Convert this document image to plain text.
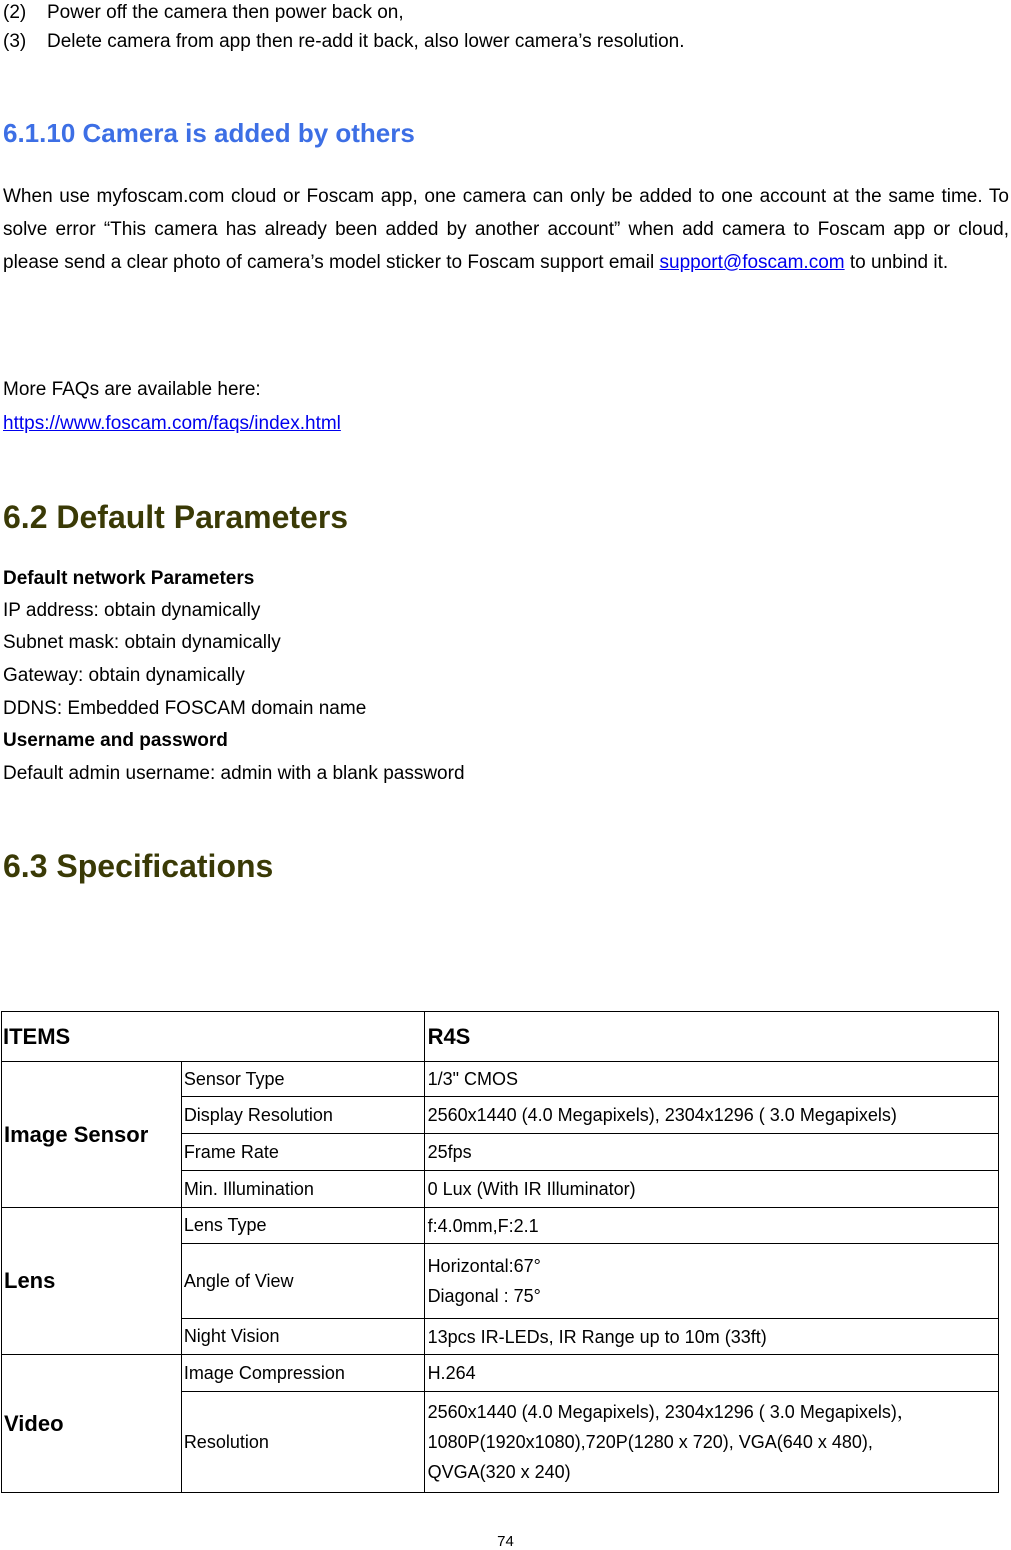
(2) Power off the camera then power back on,
(3) Delete camera from app then re-add it back, also lower camera’s resolution.
6.1.10 Camera is added by others
When use myfoscam.com cloud or Foscam app, one camera can only be added to one account at the same time. To solve error “This camera has already been added by another account” when add camera to Foscam app or cloud, please send a clear photo of camera’s model sticker to Foscam support email support@foscam.com to unbind it.
More FAQs are available here:
https://www.foscam.com/faqs/index.html
6.2 Default Parameters
Default network Parameters
IP address: obtain dynamically
Subnet mask: obtain dynamically
Gateway: obtain dynamically
DDNS: Embedded FOSCAM domain name
Username and password
Default admin username: admin with a blank password
6.3 Specifications
ITEMS		R4S
Image Sensor	Sensor Type	1/3" CMOS
	Display Resolution	2560x1440 (4.0 Megapixels), 2304x1296 ( 3.0 Megapixels)
	Frame Rate	25fps
	Min. Illumination	0 Lux (With IR Illuminator)
Lens	Lens Type	f:4.0mm,F:2.1
	Angle of View	Horizontal:67°
Diagonal : 75°

	Night Vision	13pcs IR-LEDs, IR Range up to 10m (33ft)
Video	Image Compression	H.264
	Resolution	2560x1440 (4.0 Megapixels), 2304x1296 ( 3.0 Megapixels)，
1080P(1920x1080),720P(1280 x 720), VGA(640 x 480),
QVGA(320 x 240)
74
